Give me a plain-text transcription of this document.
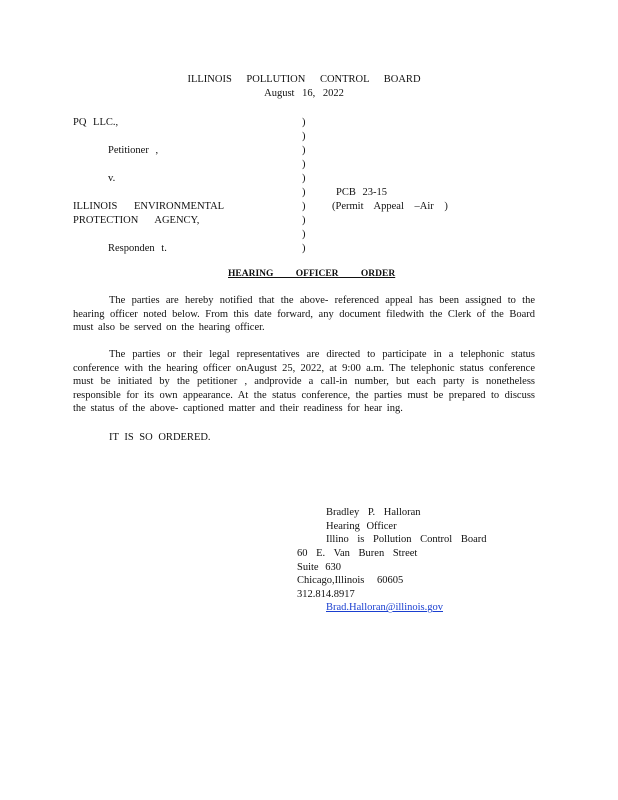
ILLINOIS POLLUTION CONTROL BOARD
August 16, 2022
PQ LLC.,
Petitioner ,
v.
ILLINOIS ENVIRONMENTAL
PROTECTION AGENCY,
Responden t.
)
)
)
)
)
)
)
)
)
)
PCB 23-15
(Permit Appeal –Air )
HEARING OFFICER ORDER
The parties are hereby notified that the above- referenced appeal has been assigned to the hearing officer noted below. From this date forward, any document filedwith the Clerk of the Board must also be served on the hearing officer.
The parties or their legal representatives are directed to participate in a telephonic status conference with the hearing officer onAugust 25, 2022, at 9:00 a.m. The telephonic status conference must be initiated by the petitioner , andprovide a call-in number, but each party is nonetheless responsible for its own appearance. At the status conference, the parties must be prepared to discuss the status of the above- captioned matter and their readiness for hear ing.
IT IS SO ORDERED.
Bradley P. Halloran
Hearing Officer
Illino is Pollution Control Board
60 E. Van Buren Street
Suite 630
Chicago,Illinois 60605
312.814.8917
Brad.Halloran@illinois.gov
